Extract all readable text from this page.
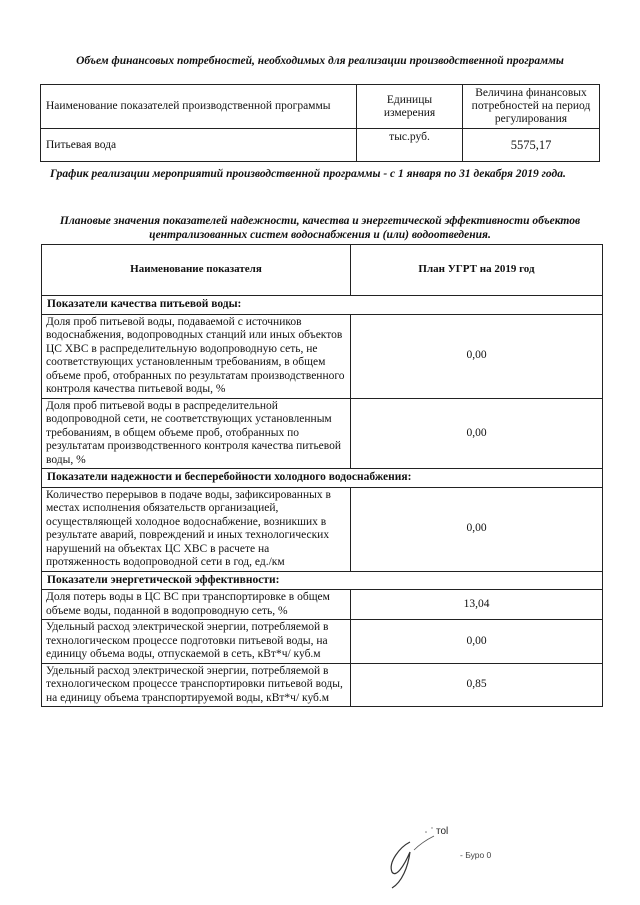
Объем финансовых потребностей, необходимых для реализации производственной программы
Наименование показателей производственной программы	Единицы измерения	Величина финансовых потребностей на период регулирования
Питьевая вода	тыс.руб.	5575,17
График реализации мероприятий производственной программы - с 1 января по 31 декабря 2019 года.
Плановые значения показателей надежности, качества и энергетической эффективности объектов централизованных систем водоснабжения и (или) водоотведения.
Наименование показателя	План УГРТ на 2019 год
Показатели качества питьевой воды:	
Доля проб питьевой воды, подаваемой с источников водоснабжения, водопроводных станций или иных объектов ЦС ХВС в распределительную водопроводную сеть, не соответствующих установленным требованиям, в общем объеме проб, отобранных по результатам производственного контроля качества питьевой воды, %	0,00
Доля проб питьевой воды в распределительной водопроводной сети, не соответствующих установленным требованиям, в общем объеме проб, отобранных по результатам производственного контроля качества питьевой воды, %	0,00
Показатели надежности и бесперебойности холодного водоснабжения:	
Количество перерывов в подаче воды, зафиксированных в местах исполнения обязательств организацией, осуществляющей холодное водоснабжение, возникших в результате аварий, повреждений и иных технологических нарушений на объектах ЦС ХВС в расчете на протяженность водопроводной сети в год, ед./км	0,00
Показатели энергетической эффективности:	
Доля потерь воды в ЦС ВС при транспортировке в общем объеме воды, поданной в водопроводную сеть, %	13,04
Удельный расход электрической энергии, потребляемой в технологическом процессе подготовки питьевой воды, на единицу объема воды, отпускаемой в сеть, кВт*ч/ куб.м	0,00
Удельный расход электрической энергии, потребляемой в технологическом процессе транспортировки питьевой воды, на единицу объема транспортируемой воды, кВт*ч/ куб.м	0,85
тоl
- Буро 0
